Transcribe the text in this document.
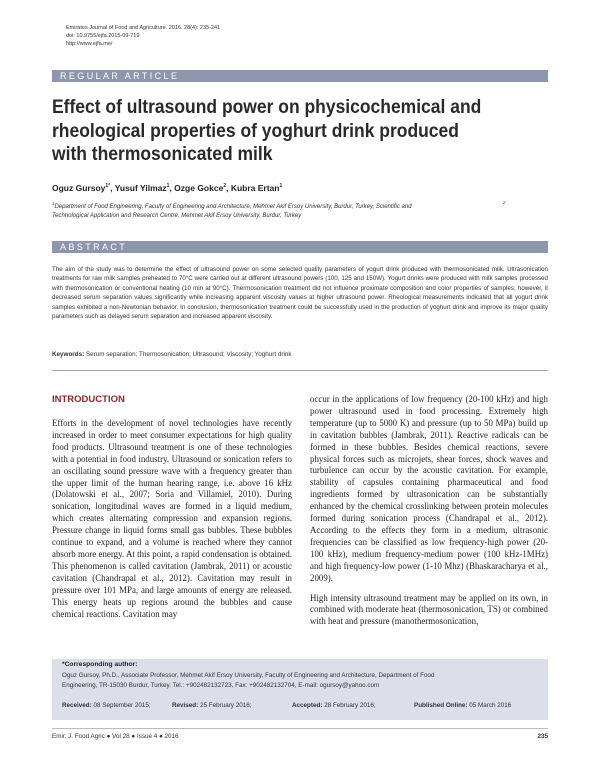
Emirates Journal of Food and Agriculture. 2016. 28(4): 235-241
doi: 10.9755/ejfa.2015-09-719
http://www.ejfa.me/
REGULAR ARTICLE
Effect of ultrasound power on physicochemical and rheological properties of yoghurt drink produced with thermosonicated milk
Oguz Gursoy$^{1*}$, Yusuf Yilmaz$^1$, Ozge Gokce$^2$, Kubra Ertan$^1$
$^1$Department of Food Engineering, Faculty of Engineering and Architecture, Mehmet Akif Ersoy University, Burdur, Turkey, Scientific and
Technological Application and Research Centre, Mehmet Akif Ersoy University, Burdur, Turkey
2
ABSTRACT
The aim of the study was to determine the effect of ultrasound power on some selected quality parameters of yogurt drink produced with thermosonicated milk. Ultrasonication treatments for raw milk samples preheated to 70°C were carried out at different ultrasound powers (100, 125 and 150W). Yogurt drinks were produced with milk samples processed with thermosonication or conventional heating (10 min at 90°C). Thermosonication treatment did not influence proximate composition and color properties of samples; however, it decreased serum separation values significantly while increasing apparent viscosity values at higher ultrasound power. Rheological measurements indicated that all yogurt drink samples exhibited a non-Newtonian behavior. In conclusion, thermosonication treatment could be successfully used in the production of yoghurt drink and improve its major quality parameters such as delayed serum separation and increased apparent viscosity.
Keywords: Serum separation; Thermosonication; Ultrasound; Viscosity; Yoghurt drink
INTRODUCTION

Efforts in the development of novel technologies have recently increased in order to meet consumer expectations for high quality food products. Ultrasound treatment is one of these technologies with a potential in food industry. Ultrasound or sonication refers to an oscillating sound pressure wave with a frequency greater than the upper limit of the human hearing range, i.e. above 16 kHz (Dolatowski et al., 2007; Soria and Villamiel, 2010). During sonication, longitudinal waves are formed in a liquid medium, which creates alternating compression and expansion regions. Pressure change in liquid forms small gas bubbles. These bubbles continue to expand, and a volume is reached where they cannot absorb more energy. At this point, a rapid condensation is obtained. This phenomenon is called cavitation (Jambrak, 2011) or acoustic cavitation (Chandrapal et al., 2012). Cavitation may result in pressure over 101 MPa, and large amounts of energy are released. This energy heats up regions around the bubbles and cause chemical reactions. Cavitation may

occur in the applications of low frequency (20-100 kHz) and high power ultrasound used in food processing. Extremely high temperature (up to 5000 K) and pressure (up to 50 MPa) build up in cavitation bubbles (Jambrak, 2011). Reactive radicals can be formed in these bubbles. Besides chemical reactions, severe physical forces such as microjets, shear forces, shock waves and turbulence can occur by the acoustic cavitation. For example, stability of capsules containing pharmaceutical and food ingredients formed by ultrasonication can be substantially enhanced by the chemical crosslinking between protein molecules formed during sonication process (Chandrapal et al., 2012). According to the effects they form in a medium, ultrasonic frequencies can be classified as low frequency-high power (20-100 kHz), medium frequency-medium power (100 kHz-1MHz) and high frequency-low power (1-10 Mhz) (Bhaskaracharya et al., 2009).

High intensity ultrasound treatment may be applied on its own, in combined with moderate heat (thermosonication, TS) or combined with heat and pressure (manothermosonication,

*Corresponding author:
Oguz Gursoy, Ph.D., Associate Professor, Mehmet Akif Ersoy University, Faculty of Engineering and Architecture, Department of Food
Engineering, TR-15030 Burdur, Turkey. Tel.: +902482132723, Fax: +902482132704, E-mail: ogursoy@yahoo.com
Received: 08 September 2015;	Revised: 25 February 2016;	Accepted: 28 February 2016;	Published Online: 05 March 2016
Emir. J. Food Agric ● Vol 28 ● Issue 4 ● 2016	235
